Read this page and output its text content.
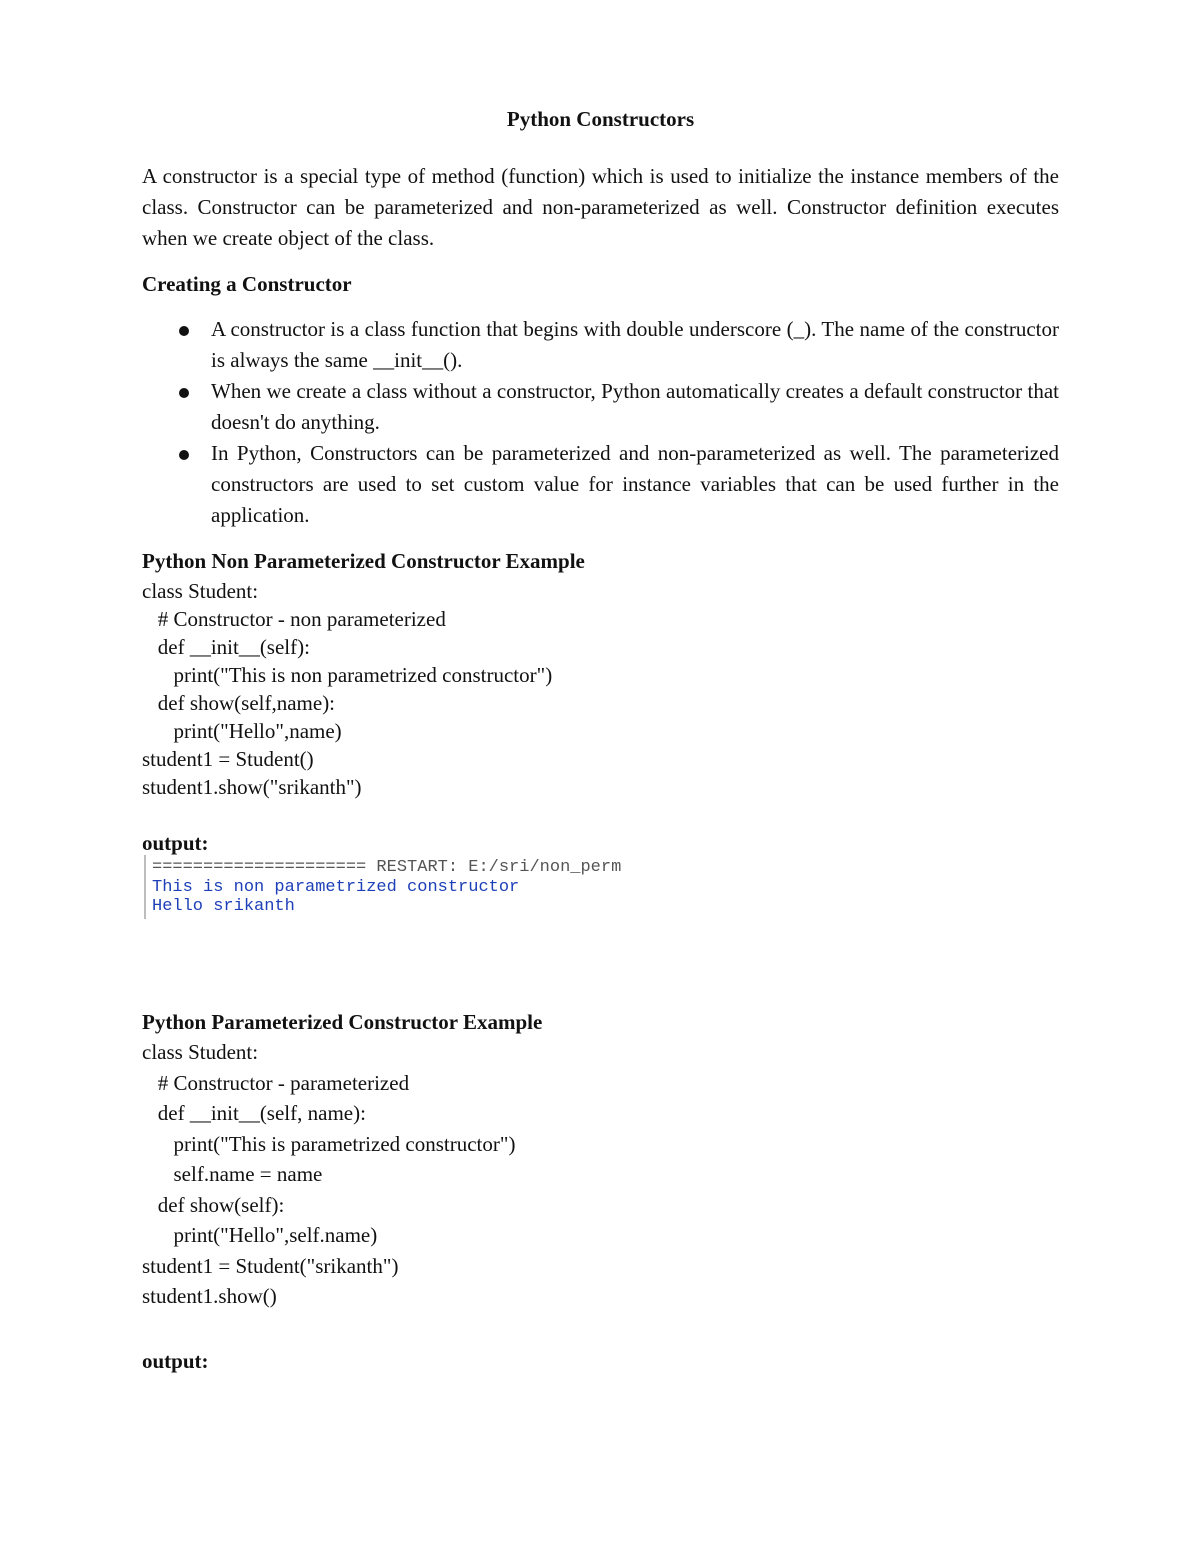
Python Constructors

A constructor is a special type of method (function) which is used to initialize the instance members of the class. Constructor can be parameterized and non-parameterized as well. Constructor definition executes when we create object of the class.

Creating a Constructor

A constructor is a class function that begins with double underscore (_). The name of the constructor is always the same __init__().
When we create a class without a constructor, Python automatically creates a default constructor that doesn't do anything.
In Python, Constructors can be parameterized and non-parameterized as well. The parameterized constructors are used to set custom value for instance variables that can be used further in the application.

Python Non Parameterized Constructor Example

class Student:
# Constructor - non parameterized
def __init__(self):
print("This is non parametrized constructor")
def show(self,name):
print("Hello",name)
student1 = Student()
student1.show("srikanth")
output:
===================== RESTART: E:/sri/non_perm
This is non parametrized constructor
Hello srikanth

Python Parameterized Constructor Example

class Student:
# Constructor - parameterized
def __init__(self, name):
print("This is parametrized constructor")
self.name = name
def show(self):
print("Hello",self.name)
student1 = Student("srikanth")
student1.show()
output:
